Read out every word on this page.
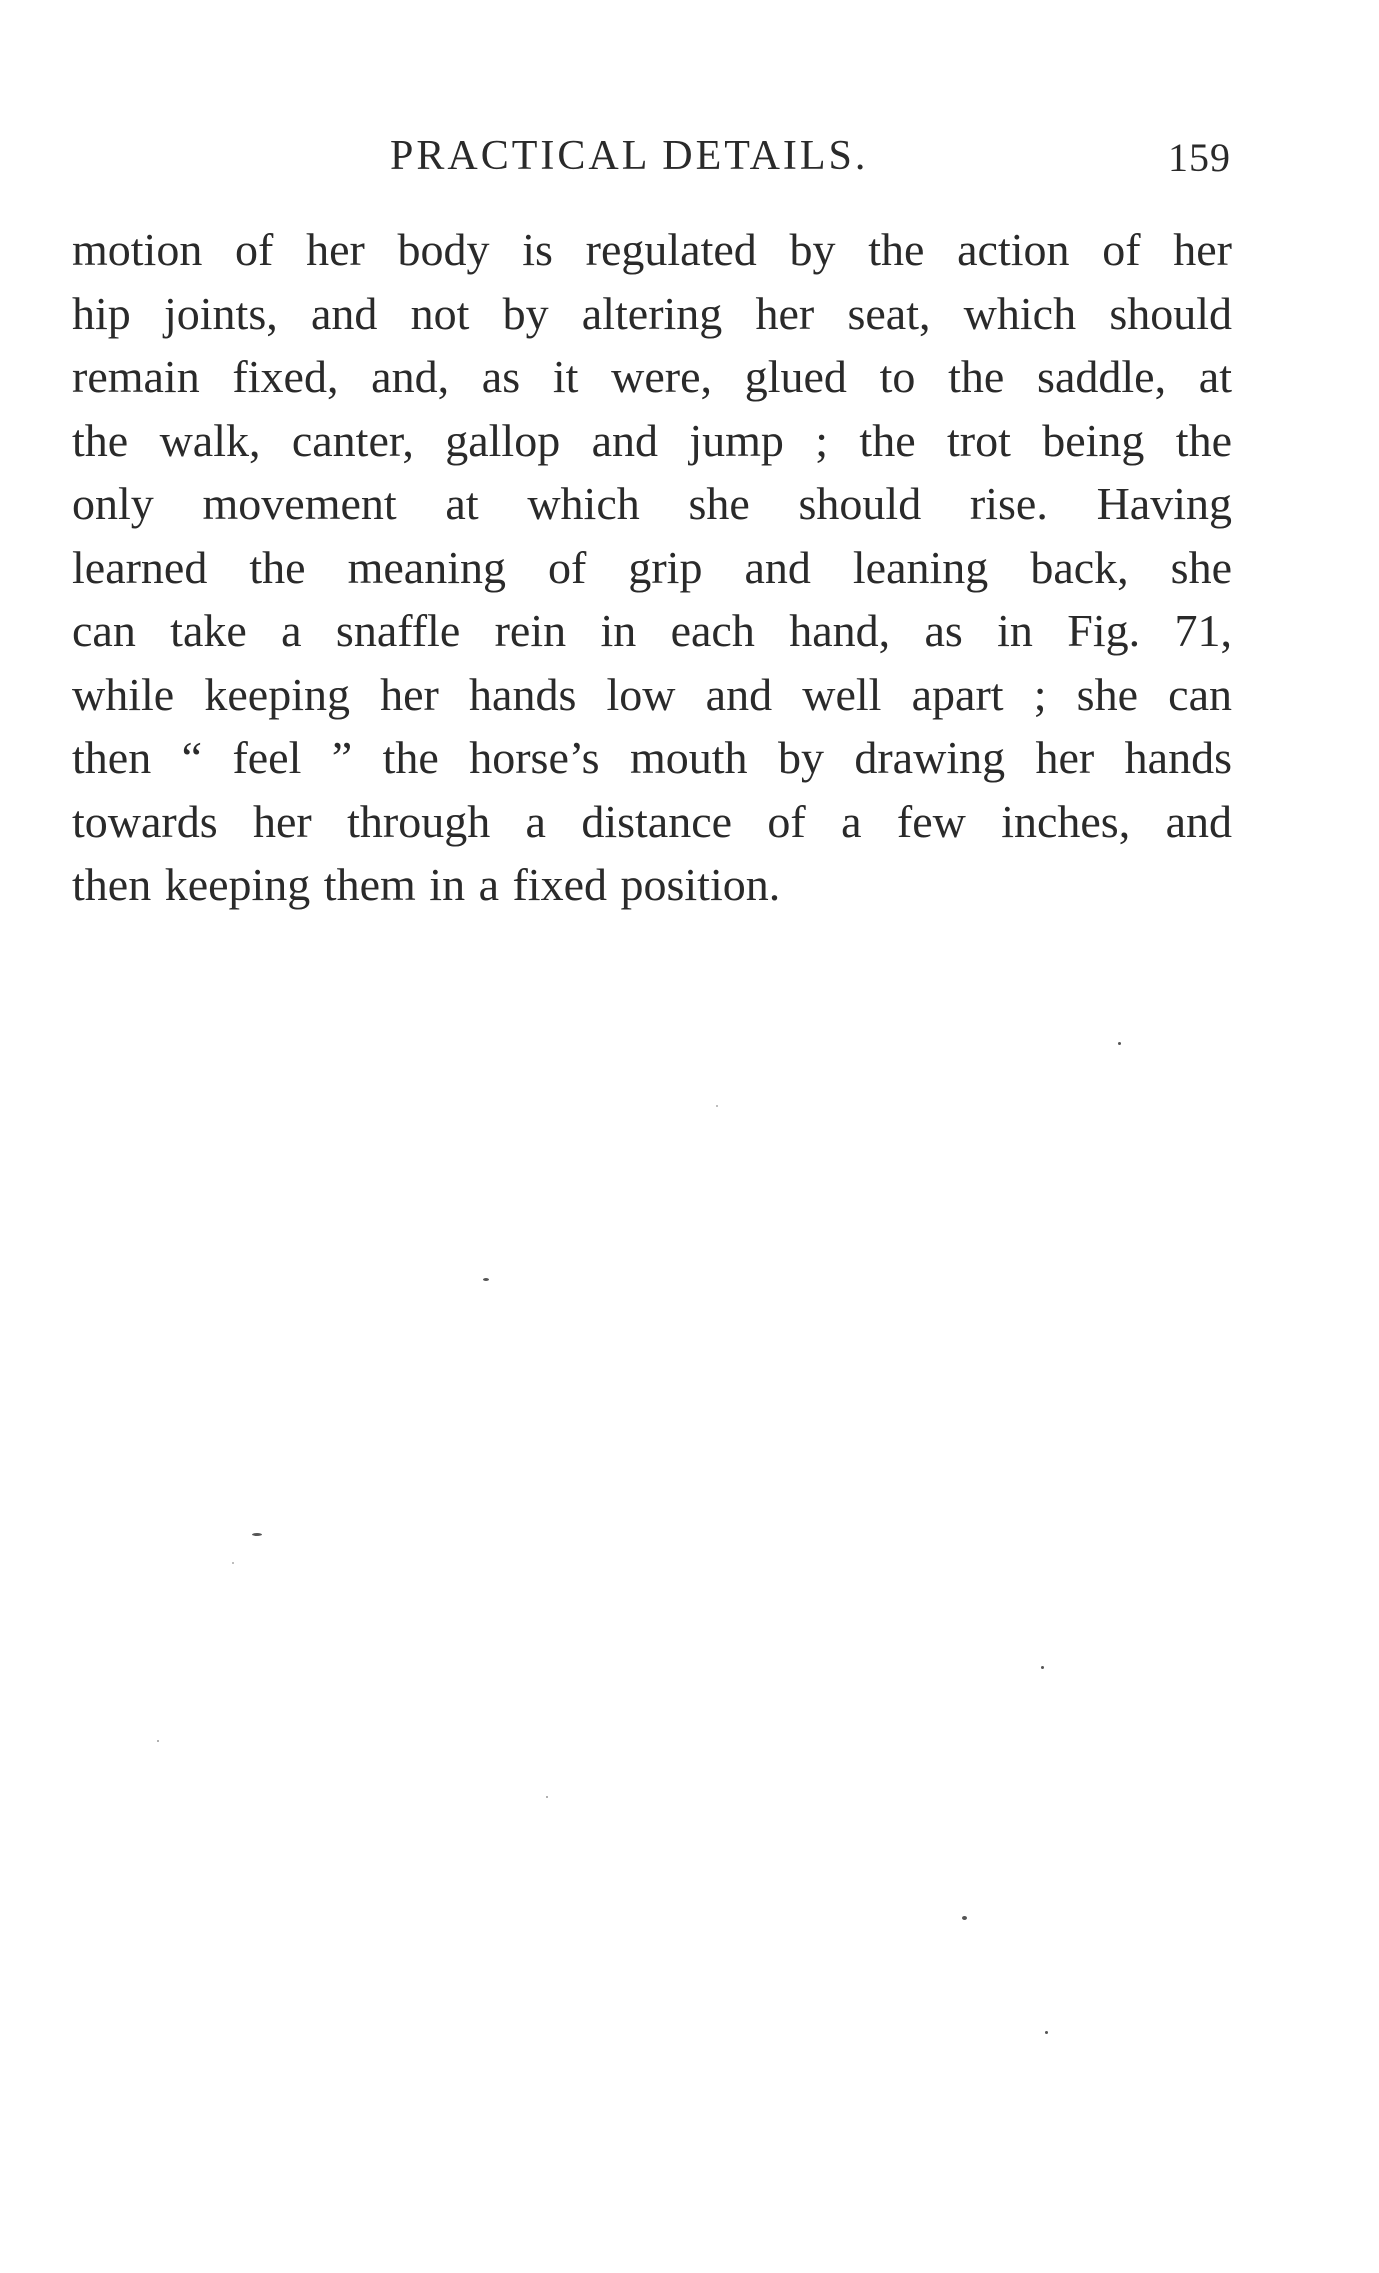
PRACTICAL DETAILS.	159
motion of her body is regulated by the action of her
hip joints, and not by altering her seat, which should
remain fixed, and, as it were, glued to the saddle, at
the walk, canter, gallop and jump ; the trot being the
only movement at which she should rise. Having
learned the meaning of grip and leaning back, she
can take a snaffle rein in each hand, as in Fig. 71,
while keeping her hands low and well apart ; she can
then “ feel ” the horse’s mouth by drawing her hands
towards her through a distance of a few inches, and
then keeping them in a fixed position.
